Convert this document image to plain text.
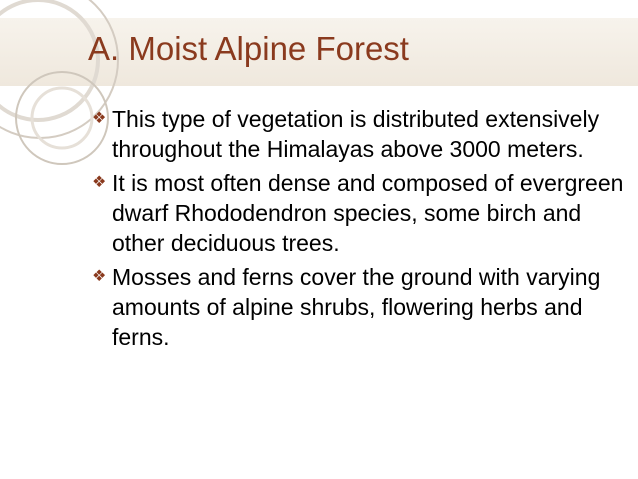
A. Moist Alpine Forest
❖ This type of vegetation is distributed extensively throughout the Himalayas above 3000 meters.
❖ It is most often dense and composed of evergreen dwarf Rhododendron species, some birch and other deciduous trees.
❖ Mosses and ferns cover the ground with varying amounts of alpine shrubs, flowering herbs and ferns.
